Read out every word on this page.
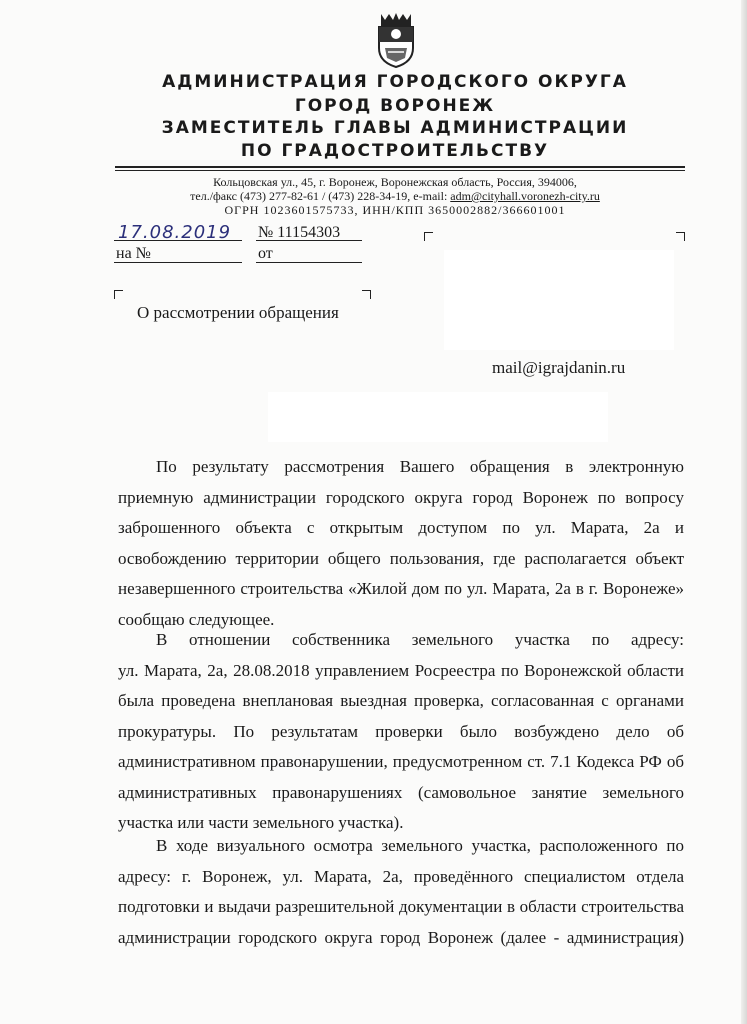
АДМИНИСТРАЦИЯ ГОРОДСКОГО ОКРУГА
ГОРОД ВОРОНЕЖ
ЗАМЕСТИТЕЛЬ ГЛАВЫ АДМИНИСТРАЦИИ
ПО ГРАДОСТРОИТЕЛЬСТВУ
Кольцовская ул., 45, г. Воронеж, Воронежская область, Россия, 394006,
тел./факс (473) 277-82-61 / (473) 228-34-19, e-mail: adm@cityhall.voronezh-city.ru
ОГРН 1023601575733, ИНН/КПП 3650002882/366601001
17.08.2019 № 11154303
на №	от
О рассмотрении обращения
mail@igrajdanin.ru
По результату рассмотрения Вашего обращения в электронную
приемную администрации городского округа город Воронеж по вопросу
заброшенного объекта с открытым доступом по ул. Марата, 2а и
освобождению территории общего пользования, где располагается объект
незавершенного строительства «Жилой дом по ул. Марата, 2а в г. Воронеже»
сообщаю следующее.
В отношении собственника земельного участка по адресу:
ул. Марата, 2а, 28.08.2018 управлением Росреестра по Воронежской области
была проведена внеплановая выездная проверка, согласованная с органами
прокуратуры. По результатам проверки было возбуждено дело об
административном правонарушении, предусмотренном ст. 7.1 Кодекса РФ об
административных правонарушениях (самовольное занятие земельного
участка или части земельного участка).
В ходе визуального осмотра земельного участка, расположенного по
адресу: г. Воронеж, ул. Марата, 2а, проведённого специалистом отдела
подготовки и выдачи разрешительной документации в области строительства
администрации городского округа город Воронеж (далее - администрация)
